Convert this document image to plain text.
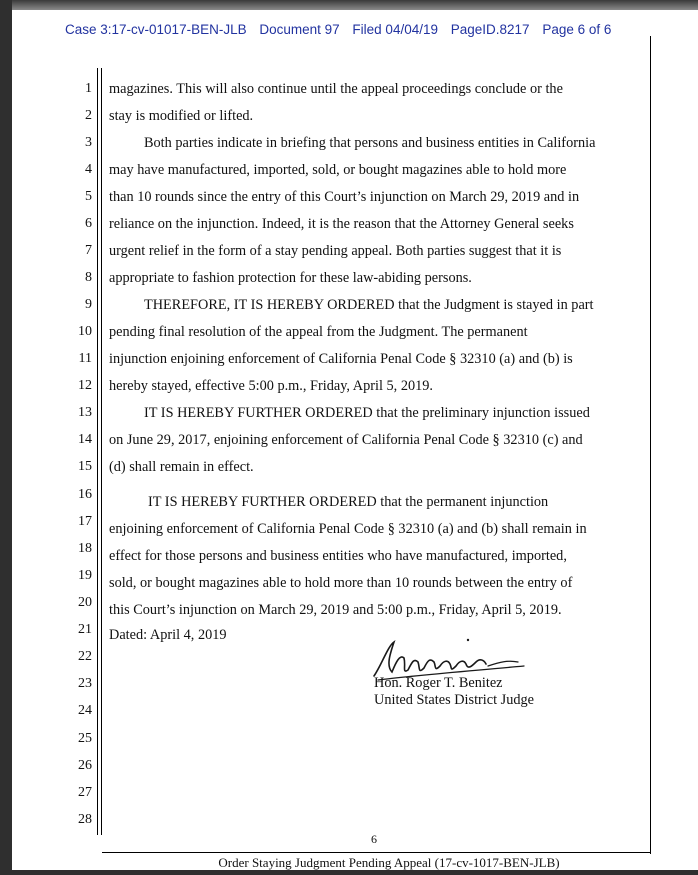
Case 3:17-cv-01017-BEN-JLB Document 97 Filed 04/04/19 PageID.8217 Page 6 of 6
1
2
3
4
5
6
7
8
9
10
11
12
13
14
15
16
17
18
19
20
21
22
23
24
25
26
27
28
magazines. This will also continue until the appeal proceedings conclude or the
stay is modified or lifted.
Both parties indicate in briefing that persons and business entities in California
may have manufactured, imported, sold, or bought magazines able to hold more
than 10 rounds since the entry of this Court’s injunction on March 29, 2019 and in
reliance on the injunction. Indeed, it is the reason that the Attorney General seeks
urgent relief in the form of a stay pending appeal. Both parties suggest that it is
appropriate to fashion protection for these law-abiding persons.
THEREFORE, IT IS HEREBY ORDERED that the Judgment is stayed in part
pending final resolution of the appeal from the Judgment. The permanent
injunction enjoining enforcement of California Penal Code § 32310 (a) and (b) is
hereby stayed, effective 5:00 p.m., Friday, April 5, 2019.
IT IS HEREBY FURTHER ORDERED that the preliminary injunction issued
on June 29, 2017, enjoining enforcement of California Penal Code § 32310 (c) and
(d) shall remain in effect.
IT IS HEREBY FURTHER ORDERED that the permanent injunction
enjoining enforcement of California Penal Code § 32310 (a) and (b) shall remain in
effect for those persons and business entities who have manufactured, imported,
sold, or bought magazines able to hold more than 10 rounds between the entry of
this Court’s injunction on March 29, 2019 and 5:00 p.m., Friday, April 5, 2019.
Dated: April 4, 2019
Hon. Roger T. Benitez
United States District Judge
6
Order Staying Judgment Pending Appeal (17-cv-1017-BEN-JLB)
